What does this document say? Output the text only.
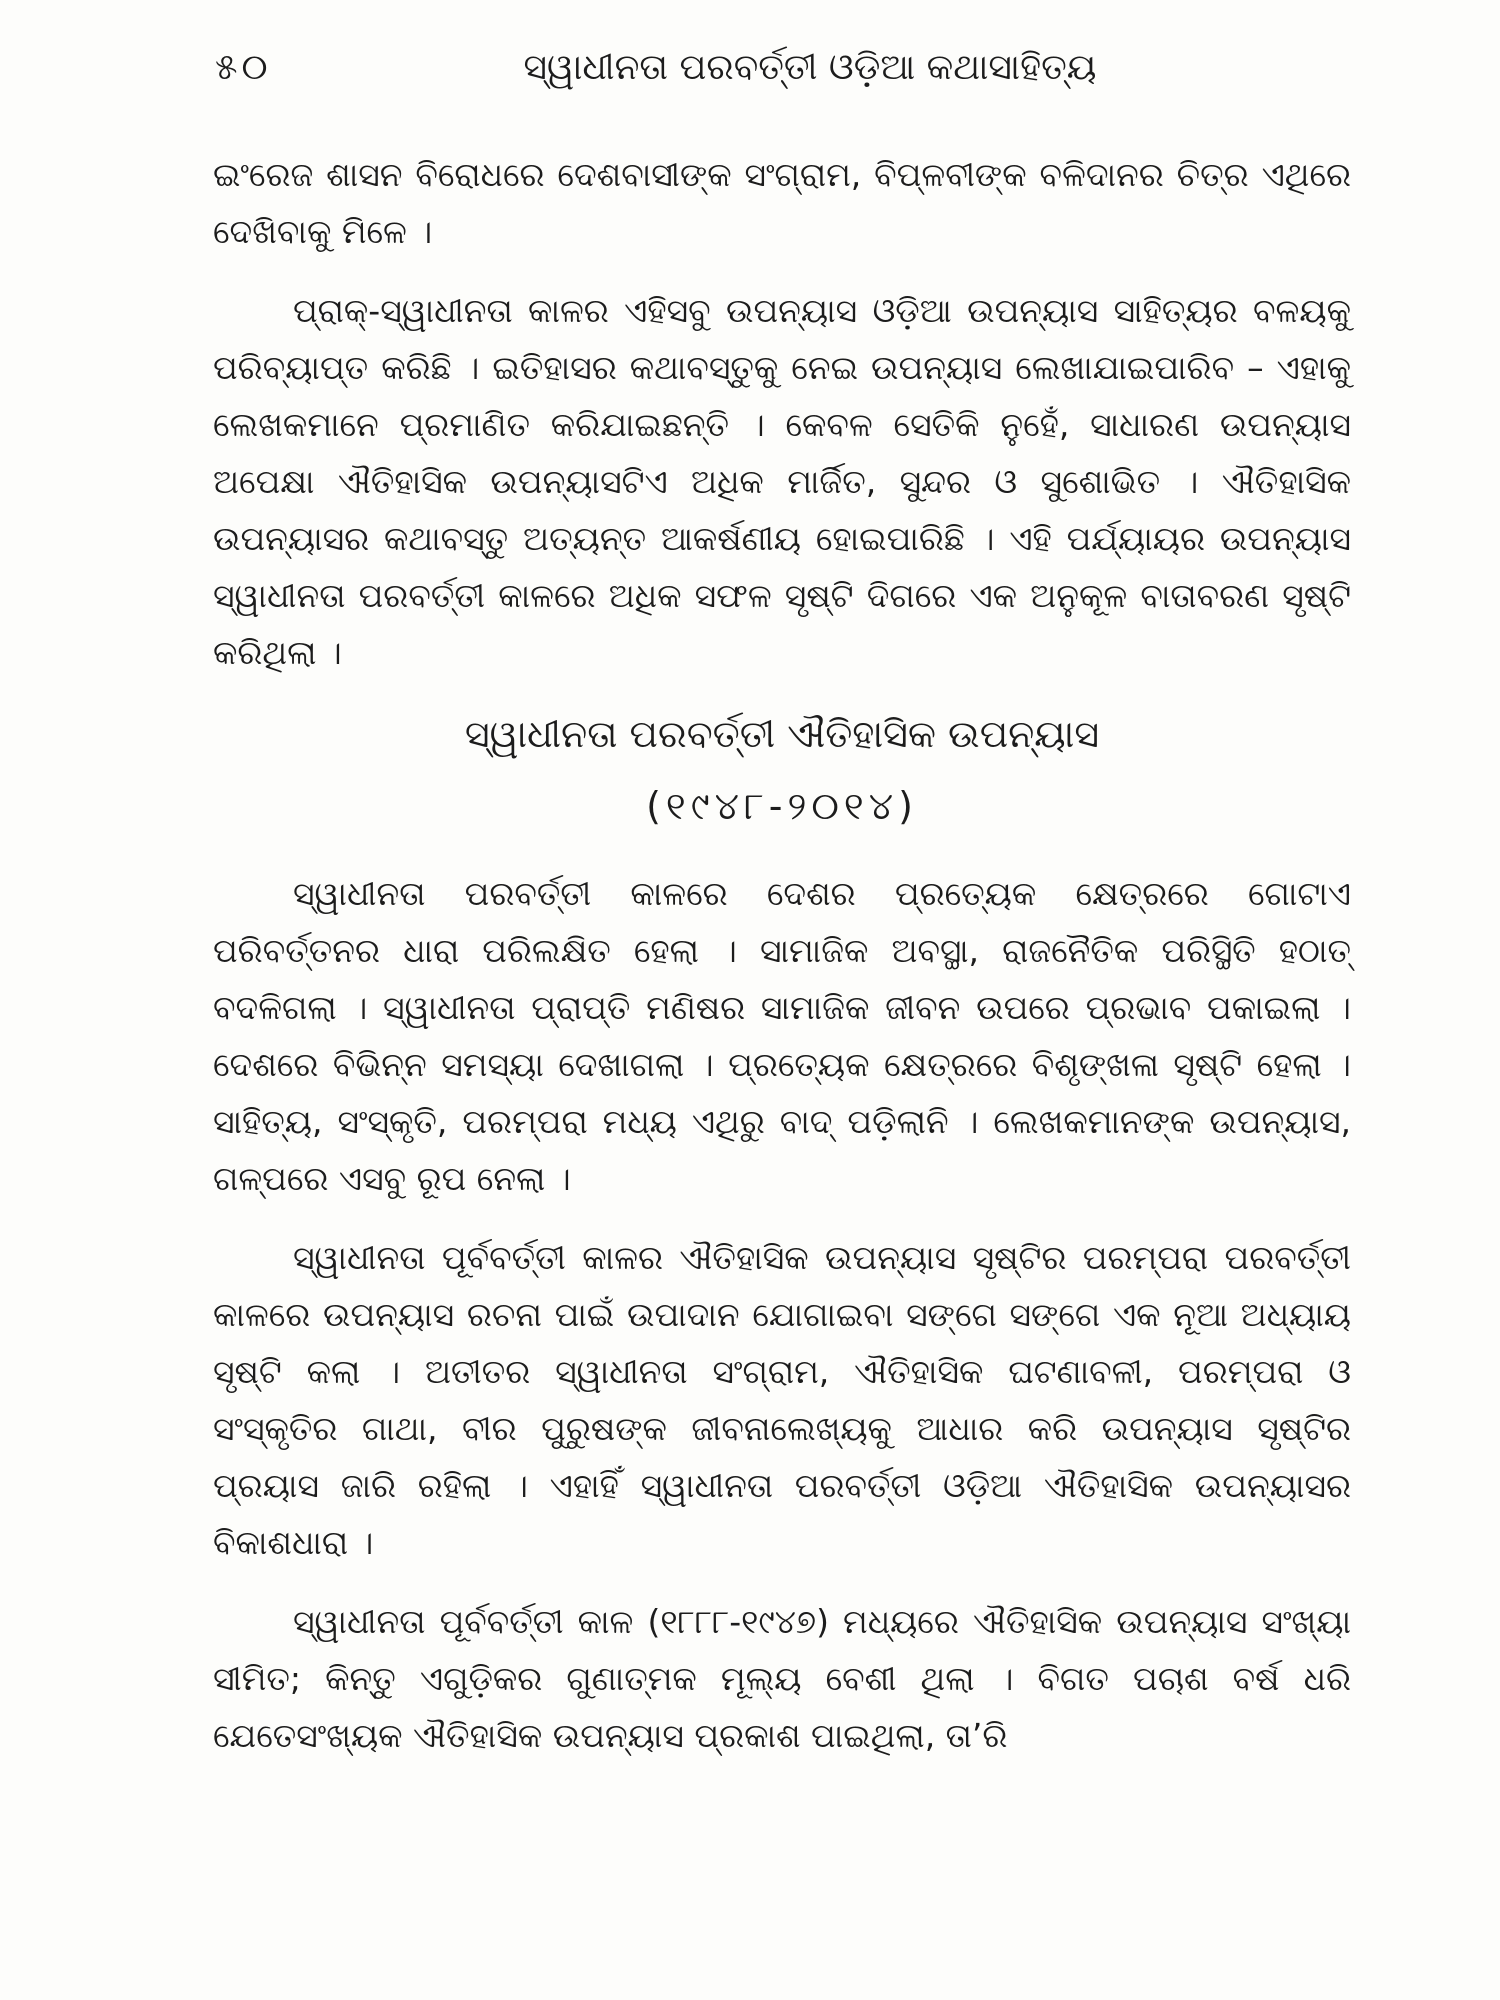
୫୦	ସ୍ୱାଧୀନତା ପରବର୍ତ୍ତୀ ଓଡ଼ିଆ କଥାସାହିତ୍ୟ

ଇଂରେଜ ଶାସନ ବିରୋଧରେ ଦେଶବାସୀଙ୍କ ସଂଗ୍ରାମ, ବିପ୍ଳବୀଙ୍କ ବଳିଦାନର ଚିତ୍ର ଏଥିରେ ଦେଖିବାକୁ ମିଳେ ।

ପ୍ରାକ୍-ସ୍ୱାଧୀନତା କାଳର ଏହିସବୁ ଉପନ୍ୟାସ ଓଡ଼ିଆ ଉପନ୍ୟାସ ସାହିତ୍ୟର ବଳୟକୁ ପରିବ୍ୟାପ୍ତ କରିଛି । ଇତିହାସର କଥାବସ୍ତୁକୁ ନେଇ ଉପନ୍ୟାସ ଲେଖାଯାଇପାରିବ – ଏହାକୁ ଲେଖକମାନେ ପ୍ରମାଣିତ କରିଯାଇଛନ୍ତି । କେବଳ ସେତିକି ନୁହେଁ, ସାଧାରଣ ଉପନ୍ୟାସ ଅପେକ୍ଷା ଐତିହାସିକ ଉପନ୍ୟାସଟିଏ ଅଧିକ ମାର୍ଜିତ, ସୁନ୍ଦର ଓ ସୁଶୋଭିତ । ଐତିହାସିକ ଉପନ୍ୟାସର କଥାବସ୍ତୁ ଅତ୍ୟନ୍ତ ଆକର୍ଷଣୀୟ ହୋଇପାରିଛି । ଏହି ପର୍ଯ୍ୟାୟର ଉପନ୍ୟାସ ସ୍ୱାଧୀନତା ପରବର୍ତ୍ତୀ କାଳରେ ଅଧିକ ସଫଳ ସୃଷ୍ଟି ଦିଗରେ ଏକ ଅନୁକୂଳ ବାତାବରଣ ସୃଷ୍ଟି କରିଥିଲା ।

ସ୍ୱାଧୀନତା ପରବର୍ତ୍ତୀ ଐତିହାସିକ ଉପନ୍ୟାସ
(୧୯୪୮-୨୦୧୪)

ସ୍ୱାଧୀନତା ପରବର୍ତ୍ତୀ କାଳରେ ଦେଶର ପ୍ରତ୍ୟେକ କ୍ଷେତ୍ରରେ ଗୋଟାଏ ପରିବର୍ତ୍ତନର ଧାରା ପରିଲକ୍ଷିତ ହେଲା । ସାମାଜିକ ଅବସ୍ଥା, ରାଜନୈତିକ ପରିସ୍ଥିତି ହଠାତ୍ ବଦଳିଗଲା । ସ୍ୱାଧୀନତା ପ୍ରାପ୍ତି ମଣିଷର ସାମାଜିକ ଜୀବନ ଉପରେ ପ୍ରଭାବ ପକାଇଲା । ଦେଶରେ ବିଭିନ୍ନ ସମସ୍ୟା ଦେଖାଗଲା । ପ୍ରତ୍ୟେକ କ୍ଷେତ୍ରରେ ବିଶୃଙ୍ଖଳା ସୃଷ୍ଟି ହେଲା । ସାହିତ୍ୟ, ସଂସ୍କୃତି, ପରମ୍ପରା ମଧ୍ୟ ଏଥିରୁ ବାଦ୍ ପଡ଼ିଲାନି । ଲେଖକମାନଙ୍କ ଉପନ୍ୟାସ, ଗଳ୍ପରେ ଏସବୁ ରୂପ ନେଲା ।

ସ୍ୱାଧୀନତା ପୂର୍ବବର୍ତ୍ତୀ କାଳର ଐତିହାସିକ ଉପନ୍ୟାସ ସୃଷ୍ଟିର ପରମ୍ପରା ପରବର୍ତ୍ତୀ କାଳରେ ଉପନ୍ୟାସ ରଚନା ପାଇଁ ଉପାଦାନ ଯୋଗାଇବା ସଙ୍ଗେ ସଙ୍ଗେ ଏକ ନୂଆ ଅଧ୍ୟାୟ ସୃଷ୍ଟି କଲା । ଅତୀତର ସ୍ୱାଧୀନତା ସଂଗ୍ରାମ, ଐତିହାସିକ ଘଟଣାବଳୀ, ପରମ୍ପରା ଓ ସଂସ୍କୃତିର ଗାଥା, ବୀର ପୁରୁଷଙ୍କ ଜୀବନାଲେଖ୍ୟକୁ ଆଧାର କରି ଉପନ୍ୟାସ ସୃଷ୍ଟିର ପ୍ରୟାସ ଜାରି ରହିଲା । ଏହାହିଁ ସ୍ୱାଧୀନତା ପରବର୍ତ୍ତୀ ଓଡ଼ିଆ ଐତିହାସିକ ଉପନ୍ୟାସର ବିକାଶଧାରା ।

ସ୍ୱାଧୀନତା ପୂର୍ବବର୍ତ୍ତୀ କାଳ (୧୮୮୮-୧୯୪୭) ମଧ୍ୟରେ ଐତିହାସିକ ଉପନ୍ୟାସ ସଂଖ୍ୟା ସୀମିତ; କିନ୍ତୁ ଏଗୁଡ଼ିକର ଗୁଣାତ୍ମକ ମୂଲ୍ୟ ବେଶୀ ଥିଲା । ବିଗତ ପଚାଶ ବର୍ଷ ଧରି ଯେତେସଂଖ୍ୟକ ଐତିହାସିକ ଉପନ୍ୟାସ ପ୍ରକାଶ ପାଇଥିଲା, ତା’ରି
